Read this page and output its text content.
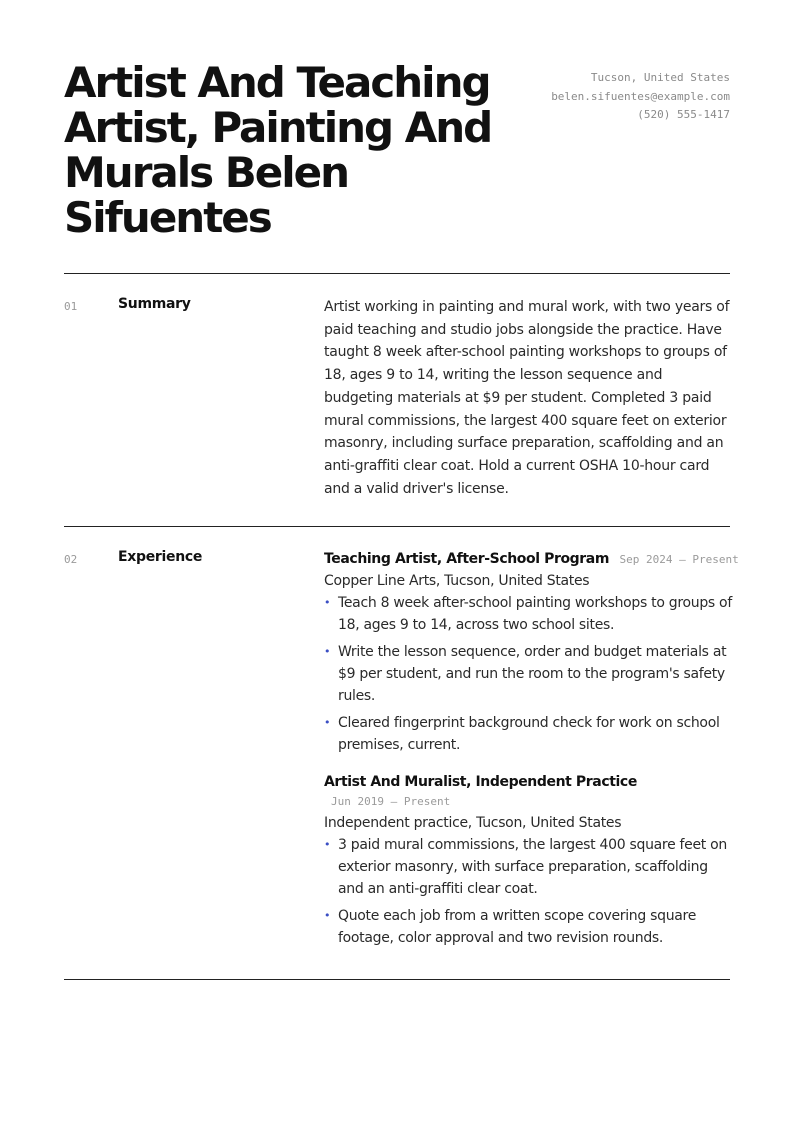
Artist And Teaching Artist, Painting And Murals Belen Sifuentes
Tucson, United States
belen.sifuentes@example.com
(520) 555-1417
01	Summary	Artist working in painting and mural work, with two years of paid teaching and studio jobs alongside the practice. Have taught 8 week after-school painting workshops to groups of 18, ages 9 to 14, writing the lesson sequence and budgeting materials at $9 per student. Completed 3 paid mural commissions, the largest 400 square feet on exterior masonry, including surface preparation, scaffolding and an anti-graffiti clear coat. Hold a current OSHA 10-hour card and a valid driver's license.

02	Experience	Teaching Artist, After-School Program Sep 2024 — Present
Copper Line Arts, Tucson, United States
• Teach 8 week after-school painting workshops to groups of 18, ages 9 to 14, across two school sites.
• Write the lesson sequence, order and budget materials at $9 per student, and run the room to the program's safety rules.
• Cleared fingerprint background check for work on school premises, current.
Artist And Muralist, Independent Practice
Jun 2019 — Present
Independent practice, Tucson, United States
• 3 paid mural commissions, the largest 400 square feet on exterior masonry, with surface preparation, scaffolding and an anti-graffiti clear coat.
• Quote each job from a written scope covering square footage, color approval and two revision rounds.
